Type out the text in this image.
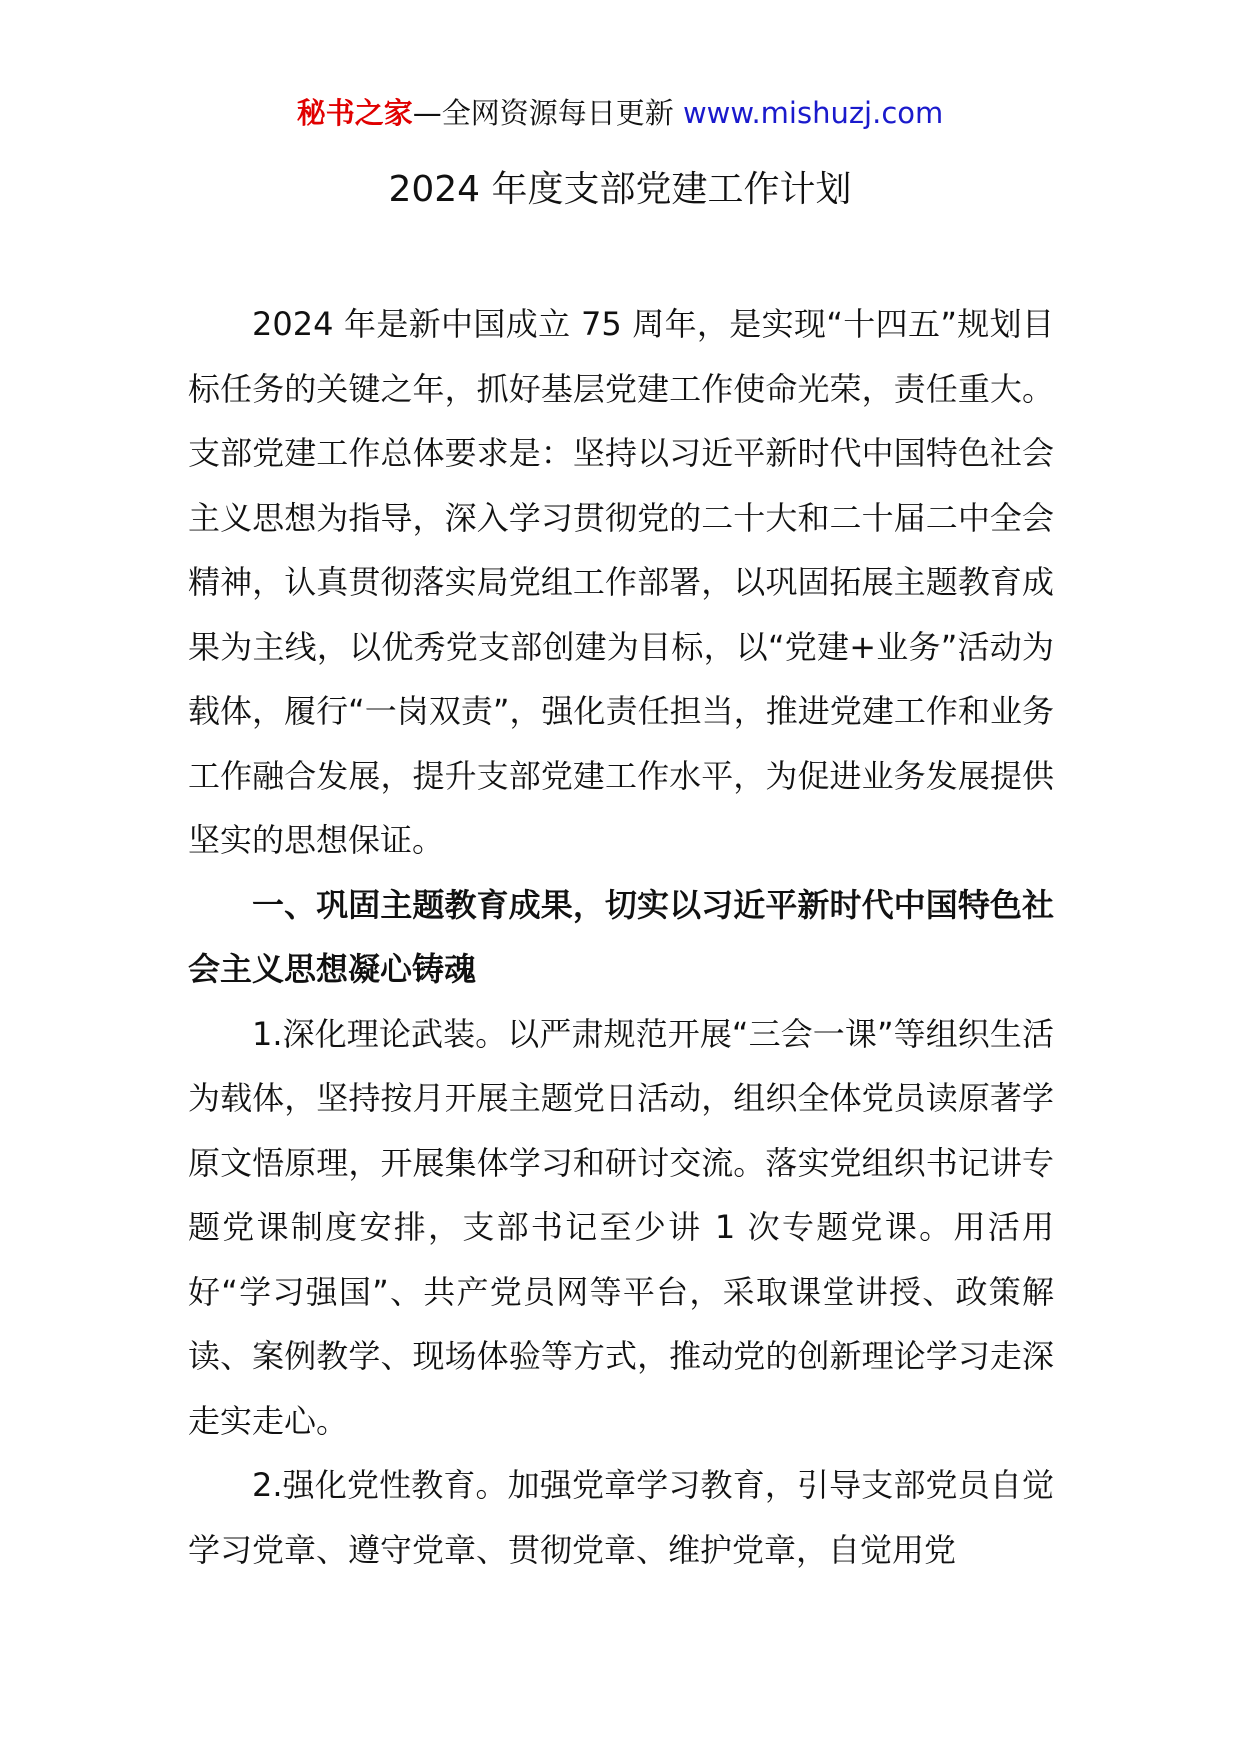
秘书之家—全网资源每日更新 www.mishuzj.com
2024 年度支部党建工作计划

2024 年是新中国成立 75 周年，是实现“十四五”规划目标任务的关键之年，抓好基层党建工作使命光荣，责任重大。支部党建工作总体要求是：坚持以习近平新时代中国特色社会主义思想为指导，深入学习贯彻党的二十大和二十届二中全会精神，认真贯彻落实局党组工作部署，以巩固拓展主题教育成果为主线，以优秀党支部创建为目标，以“党建+业务”活动为载体，履行“一岗双责”，强化责任担当，推进党建工作和业务工作融合发展，提升支部党建工作水平，为促进业务发展提供坚实的思想保证。

一、巩固主题教育成果，切实以习近平新时代中国特色社会主义思想凝心铸魂

1.深化理论武装。以严肃规范开展“三会一课”等组织生活为载体，坚持按月开展主题党日活动，组织全体党员读原著学原文悟原理，开展集体学习和研讨交流。落实党组织书记讲专题党课制度安排，支部书记至少讲 1 次专题党课。用活用好“学习强国”、共产党员网等平台，采取课堂讲授、政策解读、案例教学、现场体验等方式，推动党的创新理论学习走深走实走心。

2.强化党性教育。加强党章学习教育，引导支部党员自觉学习党章、遵守党章、贯彻党章、维护党章，自觉用党
